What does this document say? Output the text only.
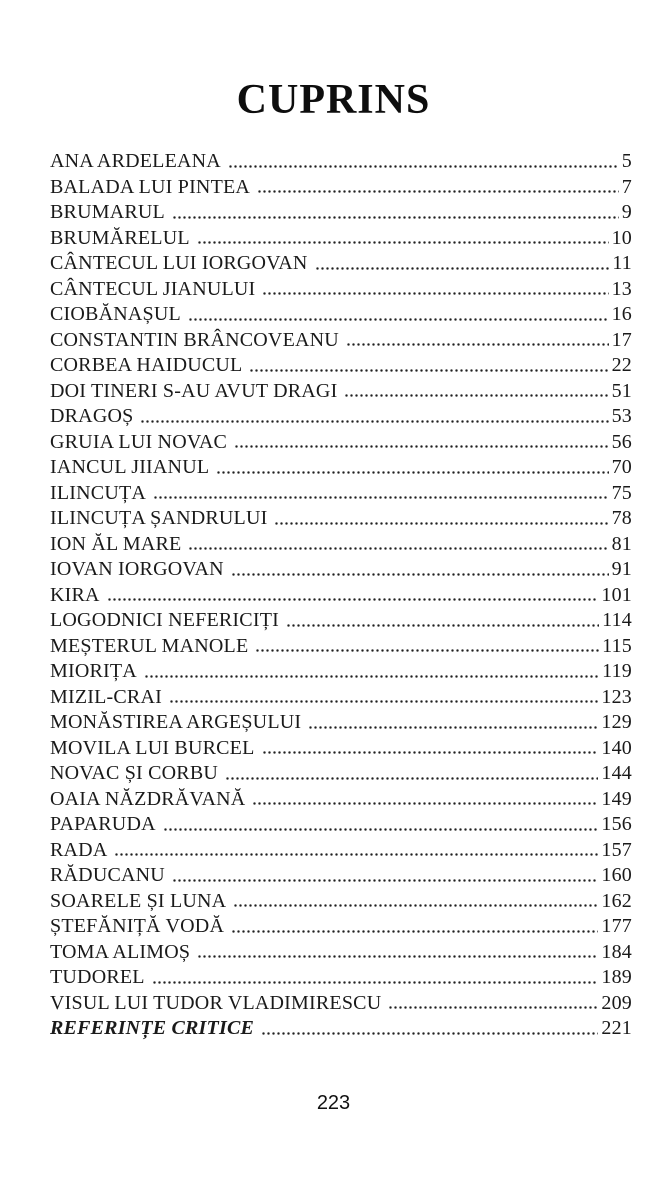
CUPRINS
ANA ARDELEANA	5
BALADA LUI PINTEA	7
BRUMARUL	9
BRUMĂRELUL	10
CÂNTECUL LUI IORGOVAN	11
CÂNTECUL JIANULUI	13
CIOBĂNAȘUL	16
CONSTANTIN BRÂNCOVEANU	17
CORBEA HAIDUCUL	22
DOI TINERI S-AU AVUT DRAGI	51
DRAGOȘ	53
GRUIA LUI NOVAC	56
IANCUL JIIANUL	70
ILINCUȚA	75
ILINCUȚA ȘANDRULUI	78
ION ĂL MARE	81
IOVAN IORGOVAN	91
KIRA	101
LOGODNICI NEFERICIȚI	114
MEȘTERUL MANOLE	115
MIORIȚA	119
MIZIL-CRAI	123
MONĂSTIREA ARGEȘULUI	129
MOVILA LUI BURCEL	140
NOVAC ȘI CORBU	144
OAIA NĂZDRĂVANĂ	149
PAPARUDA	156
RADA	157
RĂDUCANU	160
SOARELE ȘI LUNA	162
ȘTEFĂNIȚĂ VODĂ	177
TOMA ALIMOȘ	184
TUDOREL	189
VISUL LUI TUDOR VLADIMIRESCU	209
REFERINȚE CRITICE	221
223
